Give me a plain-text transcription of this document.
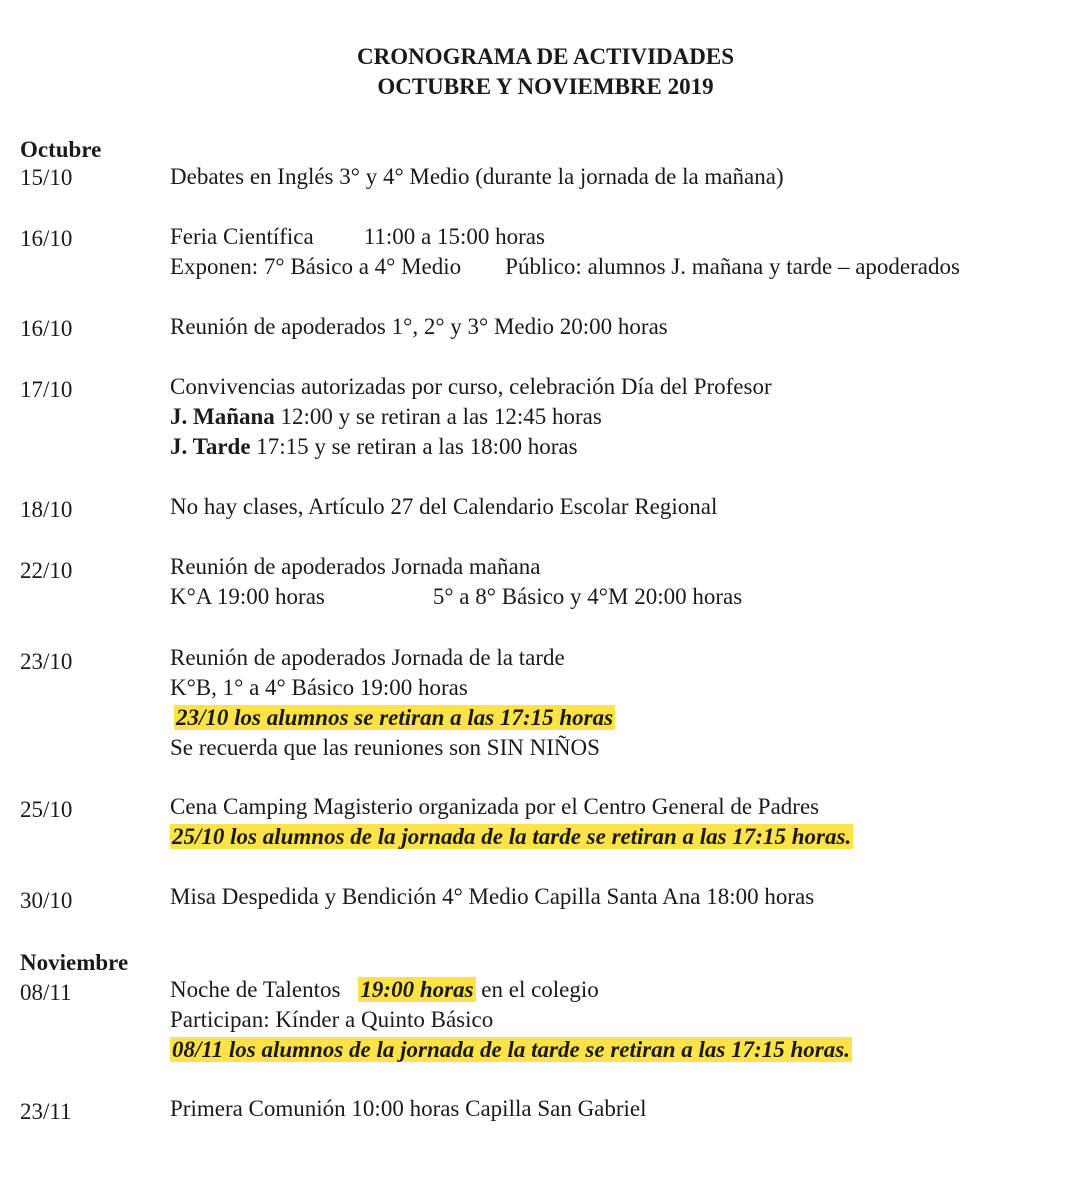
CRONOGRAMA DE ACTIVIDADES
OCTUBRE Y NOVIEMBRE 2019
Octubre
15/10	Debates en Inglés 3° y 4° Medio (durante la jornada de la mañana)
16/10	Feria Científica 11:00 a 15:00 horas
Exponen: 7° Básico a 4° Medio Público: alumnos J. mañana y tarde – apoderados
16/10	Reunión de apoderados 1°, 2° y 3° Medio 20:00 horas
17/10	Convivencias autorizadas por curso, celebración Día del Profesor
J. Mañana 12:00 y se retiran a las 12:45 horas
J. Tarde 17:15 y se retiran a las 18:00 horas
18/10	No hay clases, Artículo 27 del Calendario Escolar Regional
22/10	Reunión de apoderados Jornada mañana
K°A 19:00 horas	5° a 8° Básico y 4°M 20:00 horas
23/10	Reunión de apoderados Jornada de la tarde
K°B, 1° a 4° Básico 19:00 horas
23/10 los alumnos se retiran a las 17:15 horas
Se recuerda que las reuniones son SIN NIÑOS
25/10	Cena Camping Magisterio organizada por el Centro General de Padres
25/10 los alumnos de la jornada de la tarde se retiran a las 17:15 horas.
30/10	Misa Despedida y Bendición 4° Medio Capilla Santa Ana 18:00 horas
Noviembre
08/11	Noche de Talentos 19:00 horas en el colegio
Participan: Kínder a Quinto Básico
08/11 los alumnos de la jornada de la tarde se retiran a las 17:15 horas.
23/11	Primera Comunión 10:00 horas Capilla San Gabriel
